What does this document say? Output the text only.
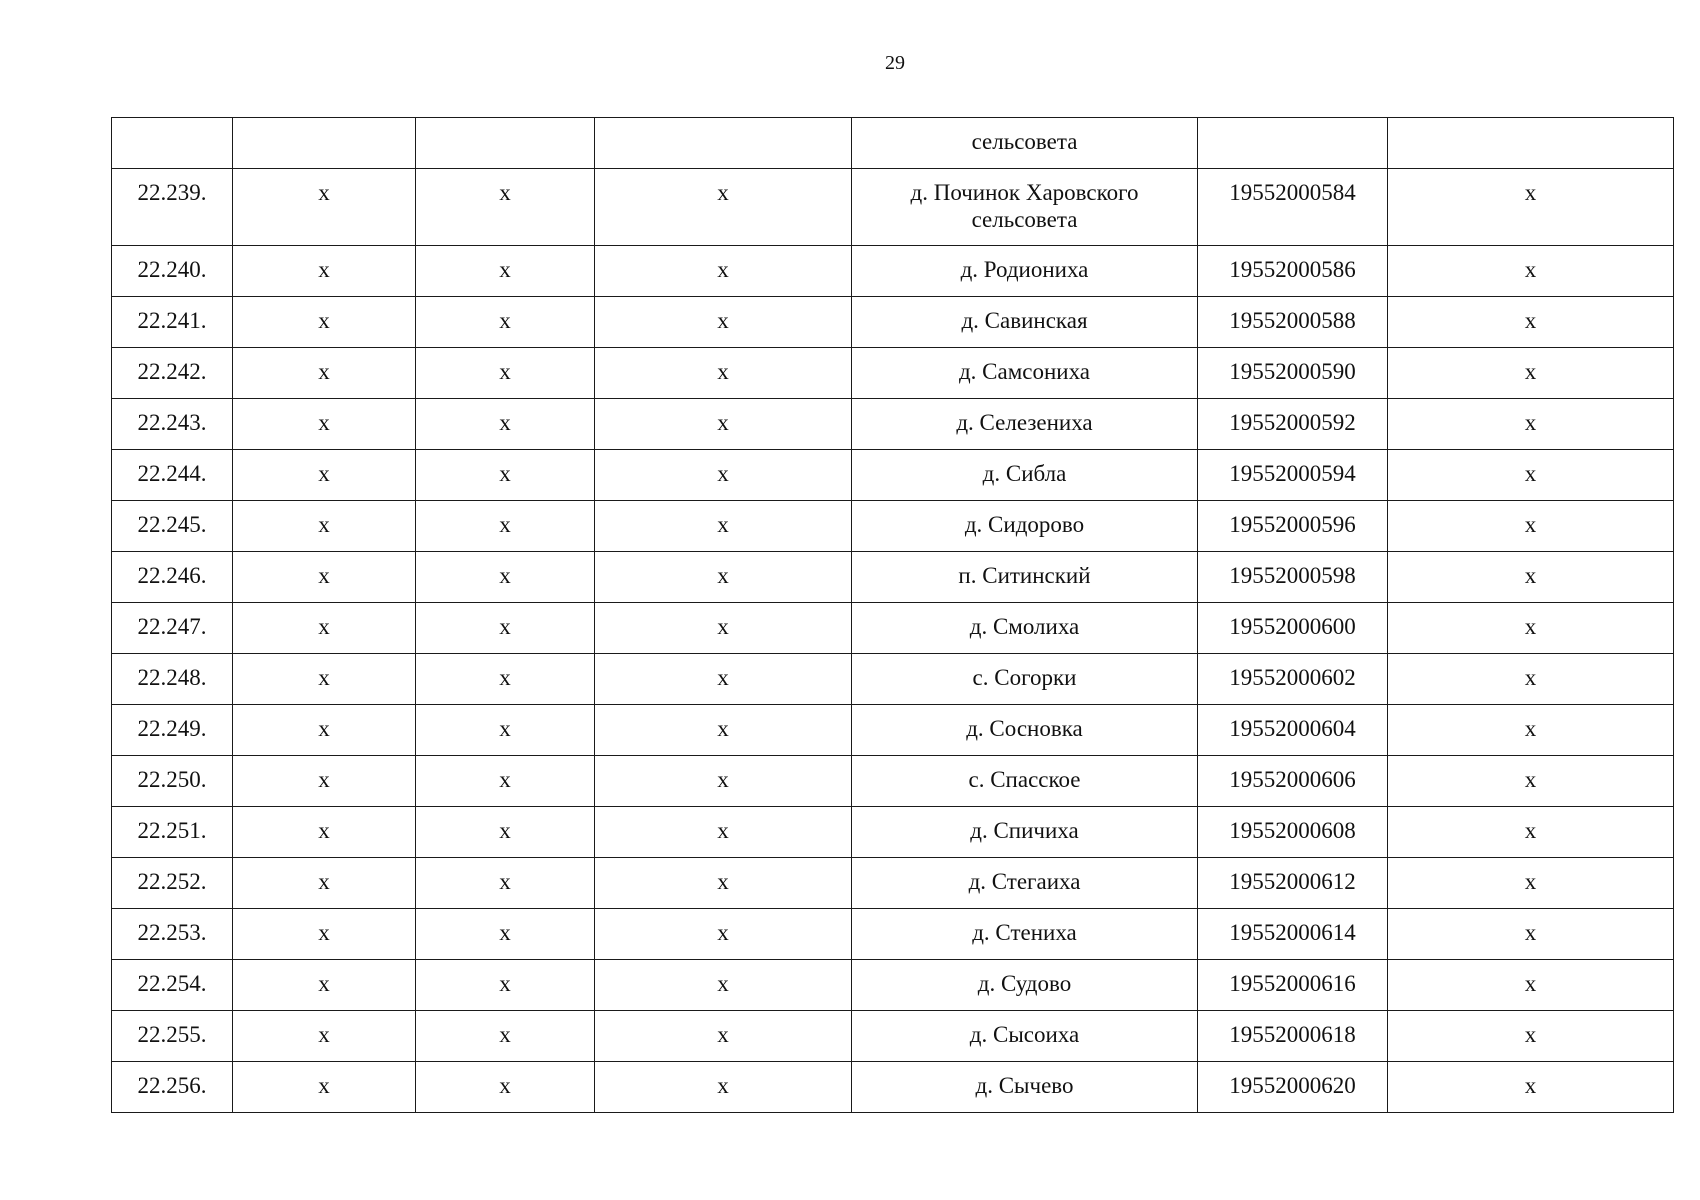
29
				сельсовета		
22.239.	х	х	х	д. Починок Харовского сельсовета	19552000584	х
22.240.	х	х	х	д. Родиониха	19552000586	х
22.241.	х	х	х	д. Савинская	19552000588	х
22.242.	х	х	х	д. Самсониха	19552000590	х
22.243.	х	х	х	д. Селезениха	19552000592	х
22.244.	х	х	х	д. Сибла	19552000594	х
22.245.	х	х	х	д. Сидорово	19552000596	х
22.246.	х	х	х	п. Ситинский	19552000598	х
22.247.	х	х	х	д. Смолиха	19552000600	х
22.248.	х	х	х	с. Согорки	19552000602	х
22.249.	х	х	х	д. Сосновка	19552000604	х
22.250.	х	х	х	с. Спасское	19552000606	х
22.251.	х	х	х	д. Спичиха	19552000608	х
22.252.	х	х	х	д. Стегаиха	19552000612	х
22.253.	х	х	х	д. Стениха	19552000614	х
22.254.	х	х	х	д. Судово	19552000616	х
22.255.	х	х	х	д. Сысоиха	19552000618	х
22.256.	х	х	х	д. Сычево	19552000620	х
